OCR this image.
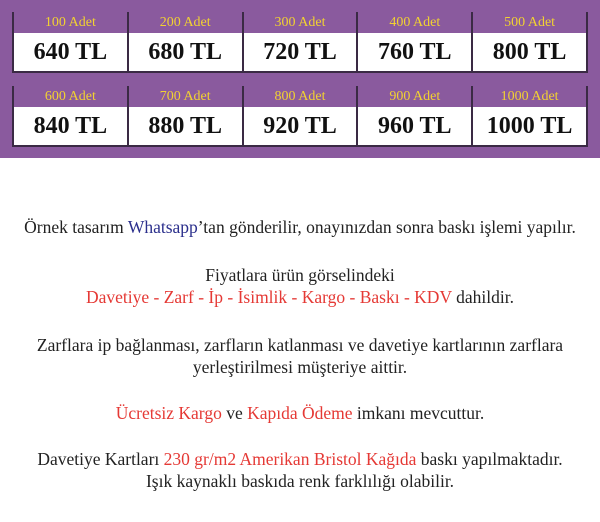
100 Adet
640 TL
200 Adet
680 TL
300 Adet
720 TL
400 Adet
760 TL
500 Adet
800 TL
600 Adet
840 TL
700 Adet
880 TL
800 Adet
920 TL
900 Adet
960 TL
1000 Adet
1000 TL
Örnek tasarım Whatsapp’tan gönderilir, onayınızdan sonra baskı işlemi yapılır.
Fiyatlara ürün görselindeki
Davetiye - Zarf - İp - İsimlik - Kargo - Baskı - KDV dahildir.
Zarflara ip bağlanması, zarfların katlanması ve davetiye kartlarının zarflara
yerleştirilmesi müşteriye aittir.
Ücretsiz Kargo ve Kapıda Ödeme imkanı mevcuttur.
Davetiye Kartları 230 gr/m2 Amerikan Bristol Kağıda baskı yapılmaktadır.
Işık kaynaklı baskıda renk farklılığı olabilir.
